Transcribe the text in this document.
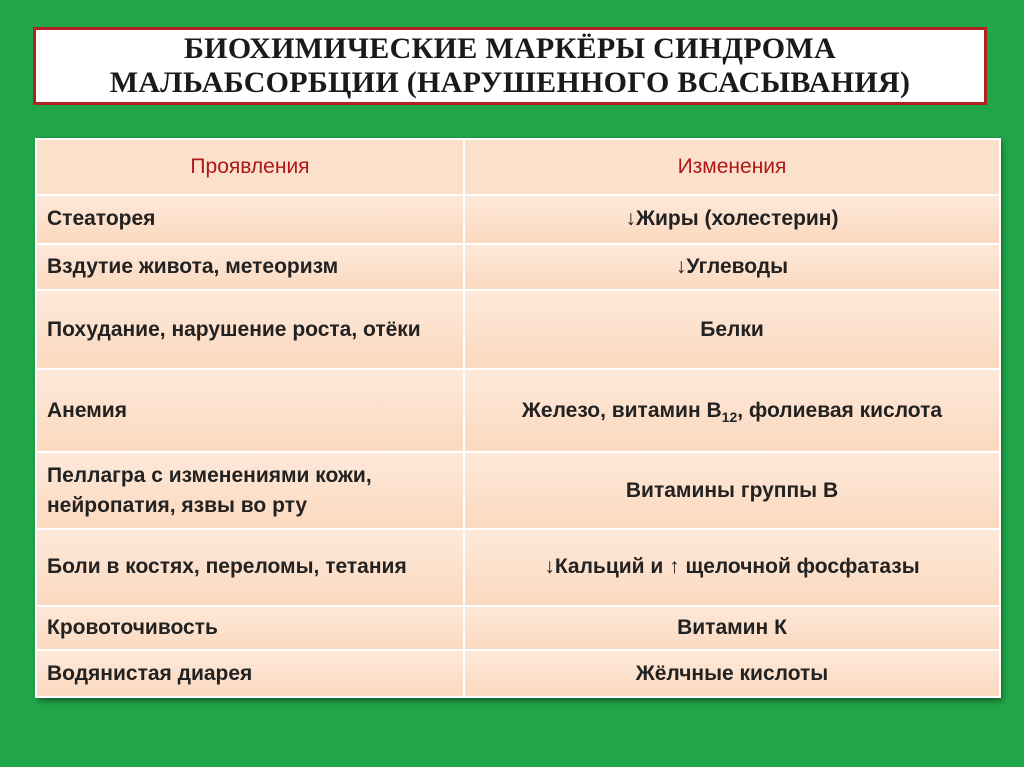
БИОХИМИЧЕСКИЕ МАРКЁРЫ СИНДРОМА
МАЛЬАБСОРБЦИИ (НАРУШЕННОГО ВСАСЫВАНИЯ)
Проявления	Изменения
Стеаторея	↓Жиры (холестерин)
Вздутие живота, метеоризм	↓Углеводы
Похудание, нарушение роста, отёки	Белки
Анемия	Железо, витамин $В_{12}$, фолиевая кислота
Пеллагра с изменениями кожи, нейропатия, язвы во рту	Витамины группы В
Боли в костях, переломы, тетания	↓Кальций и ↑ щелочной фосфатазы
Кровоточивость	Витамин К
Водянистая диарея	Жёлчные кислоты
